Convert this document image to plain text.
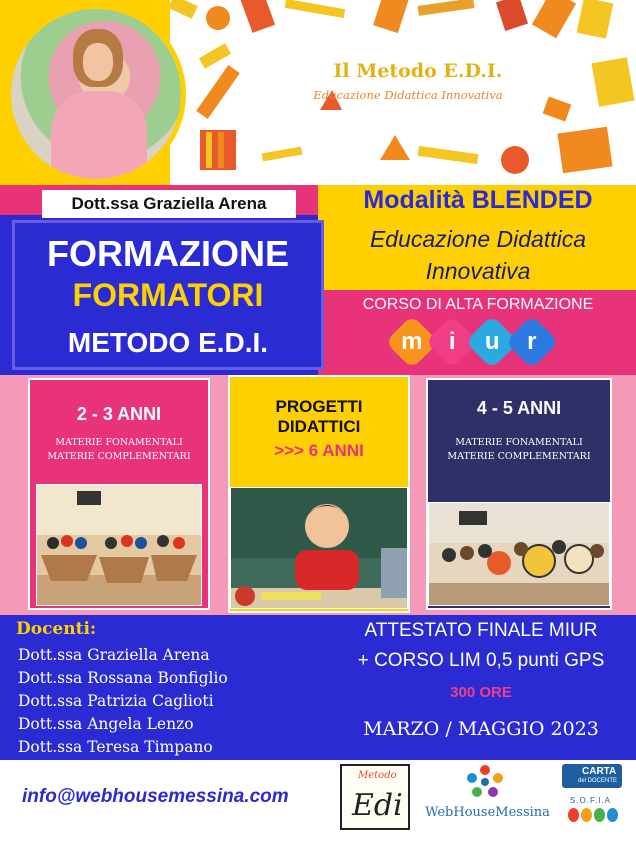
Il Metodo E.D.I.
Educazione Didattica Innovativa
Dott.ssa Graziella Arena
FORMAZIONE
FORMATORI
METODO E.D.I.
Modalità BLENDED
Educazione Didattica
Innovativa
CORSO DI ALTA FORMAZIONE
m	i	u	r
2 - 3 ANNI
MATERIE FONAMENTALI
MATERIE COMPLEMENTARI
PROGETTI
DIDATTICI
>>> 6 ANNI
4 - 5 ANNI
MATERIE FONAMENTALI
MATERIE COMPLEMENTARI
Docenti:
Dott.ssa Graziella Arena
Dott.ssa Rossana Bonfiglio
Dott.ssa Patrizia Caglioti
Dott.ssa Angela Lenzo
Dott.ssa Teresa Timpano
ATTESTATO FINALE MIUR
+ CORSO LIM 0,5 punti GPS
300 ORE
MARZO / MAGGIO 2023
info@webhousemessina.com
Metodo
Edi WebHouseMessina
CARTA
del DOCENTE
S.O.F.I.A
